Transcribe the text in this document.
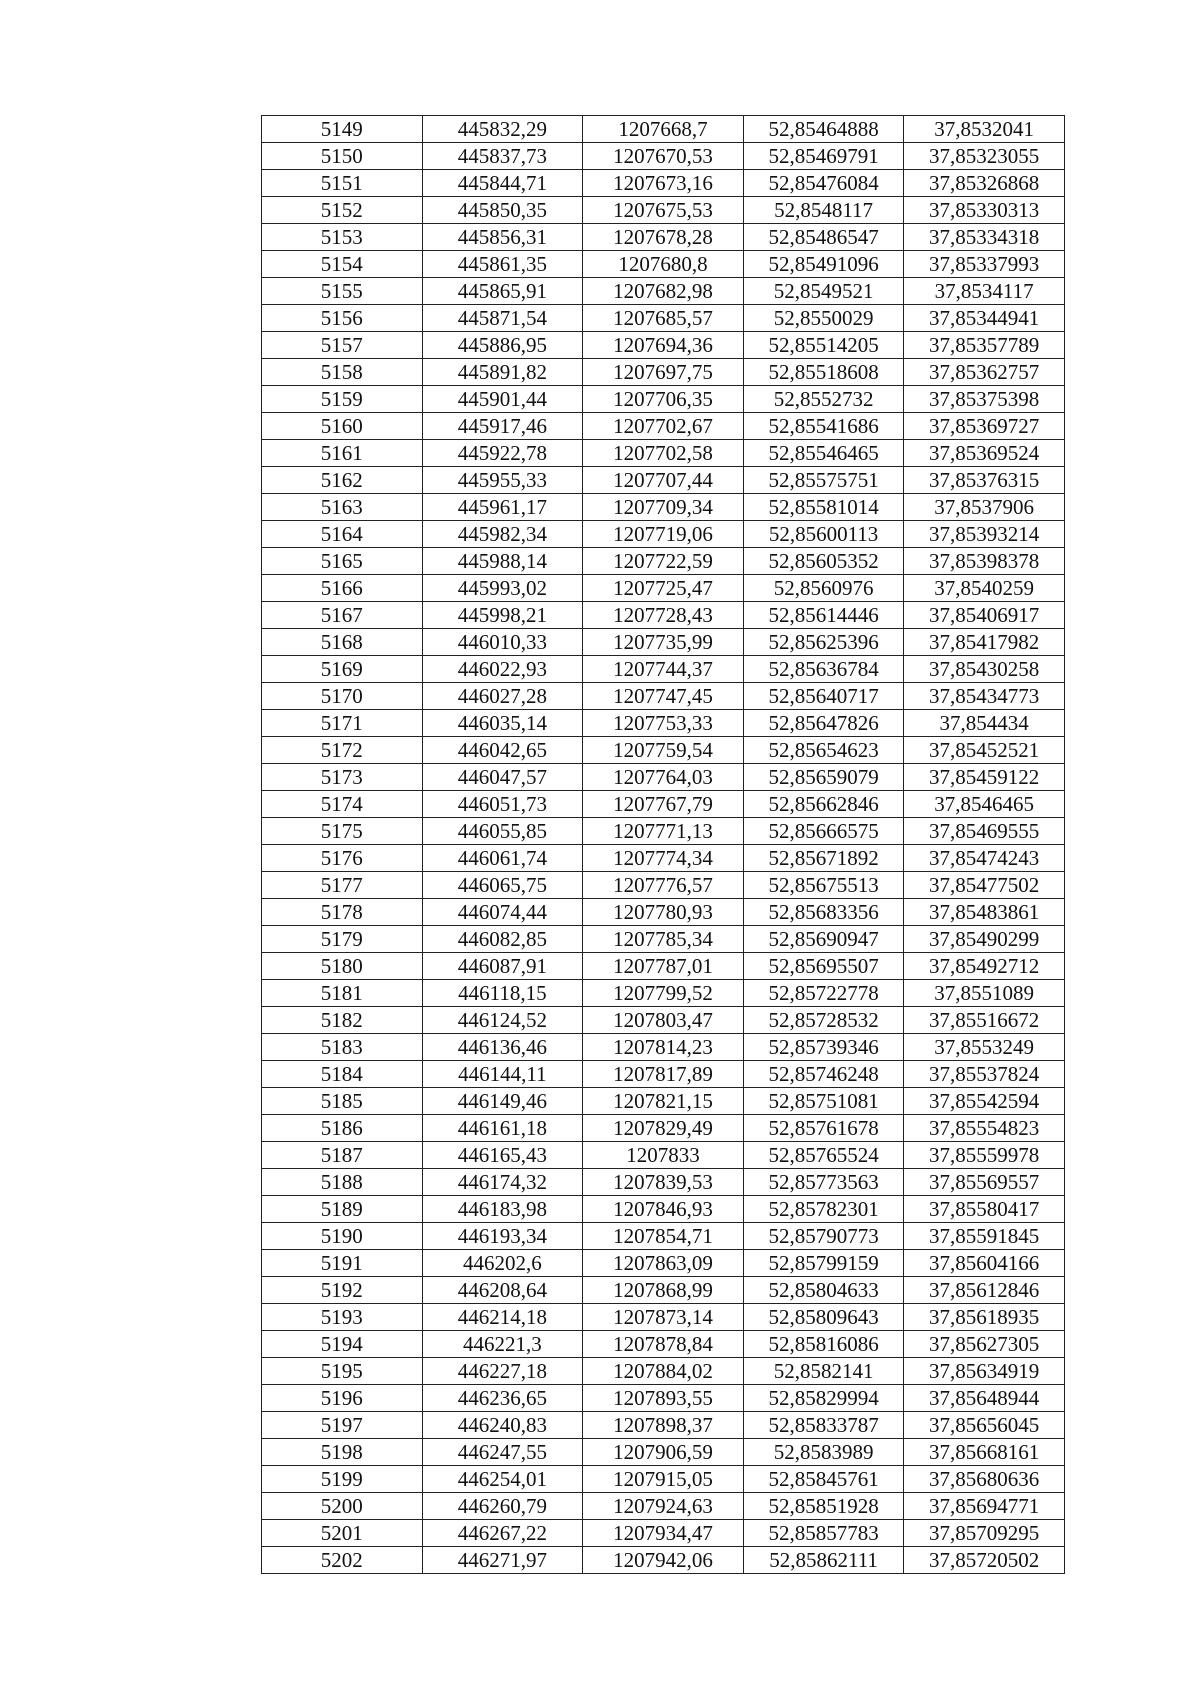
5149	445832,29	1207668,7	52,85464888	37,8532041
5150	445837,73	1207670,53	52,85469791	37,85323055
5151	445844,71	1207673,16	52,85476084	37,85326868
5152	445850,35	1207675,53	52,8548117	37,85330313
5153	445856,31	1207678,28	52,85486547	37,85334318
5154	445861,35	1207680,8	52,85491096	37,85337993
5155	445865,91	1207682,98	52,8549521	37,8534117
5156	445871,54	1207685,57	52,8550029	37,85344941
5157	445886,95	1207694,36	52,85514205	37,85357789
5158	445891,82	1207697,75	52,85518608	37,85362757
5159	445901,44	1207706,35	52,8552732	37,85375398
5160	445917,46	1207702,67	52,85541686	37,85369727
5161	445922,78	1207702,58	52,85546465	37,85369524
5162	445955,33	1207707,44	52,85575751	37,85376315
5163	445961,17	1207709,34	52,85581014	37,8537906
5164	445982,34	1207719,06	52,85600113	37,85393214
5165	445988,14	1207722,59	52,85605352	37,85398378
5166	445993,02	1207725,47	52,8560976	37,8540259
5167	445998,21	1207728,43	52,85614446	37,85406917
5168	446010,33	1207735,99	52,85625396	37,85417982
5169	446022,93	1207744,37	52,85636784	37,85430258
5170	446027,28	1207747,45	52,85640717	37,85434773
5171	446035,14	1207753,33	52,85647826	37,854434
5172	446042,65	1207759,54	52,85654623	37,85452521
5173	446047,57	1207764,03	52,85659079	37,85459122
5174	446051,73	1207767,79	52,85662846	37,8546465
5175	446055,85	1207771,13	52,85666575	37,85469555
5176	446061,74	1207774,34	52,85671892	37,85474243
5177	446065,75	1207776,57	52,85675513	37,85477502
5178	446074,44	1207780,93	52,85683356	37,85483861
5179	446082,85	1207785,34	52,85690947	37,85490299
5180	446087,91	1207787,01	52,85695507	37,85492712
5181	446118,15	1207799,52	52,85722778	37,8551089
5182	446124,52	1207803,47	52,85728532	37,85516672
5183	446136,46	1207814,23	52,85739346	37,8553249
5184	446144,11	1207817,89	52,85746248	37,85537824
5185	446149,46	1207821,15	52,85751081	37,85542594
5186	446161,18	1207829,49	52,85761678	37,85554823
5187	446165,43	1207833	52,85765524	37,85559978
5188	446174,32	1207839,53	52,85773563	37,85569557
5189	446183,98	1207846,93	52,85782301	37,85580417
5190	446193,34	1207854,71	52,85790773	37,85591845
5191	446202,6	1207863,09	52,85799159	37,85604166
5192	446208,64	1207868,99	52,85804633	37,85612846
5193	446214,18	1207873,14	52,85809643	37,85618935
5194	446221,3	1207878,84	52,85816086	37,85627305
5195	446227,18	1207884,02	52,8582141	37,85634919
5196	446236,65	1207893,55	52,85829994	37,85648944
5197	446240,83	1207898,37	52,85833787	37,85656045
5198	446247,55	1207906,59	52,8583989	37,85668161
5199	446254,01	1207915,05	52,85845761	37,85680636
5200	446260,79	1207924,63	52,85851928	37,85694771
5201	446267,22	1207934,47	52,85857783	37,85709295
5202	446271,97	1207942,06	52,85862111	37,85720502
